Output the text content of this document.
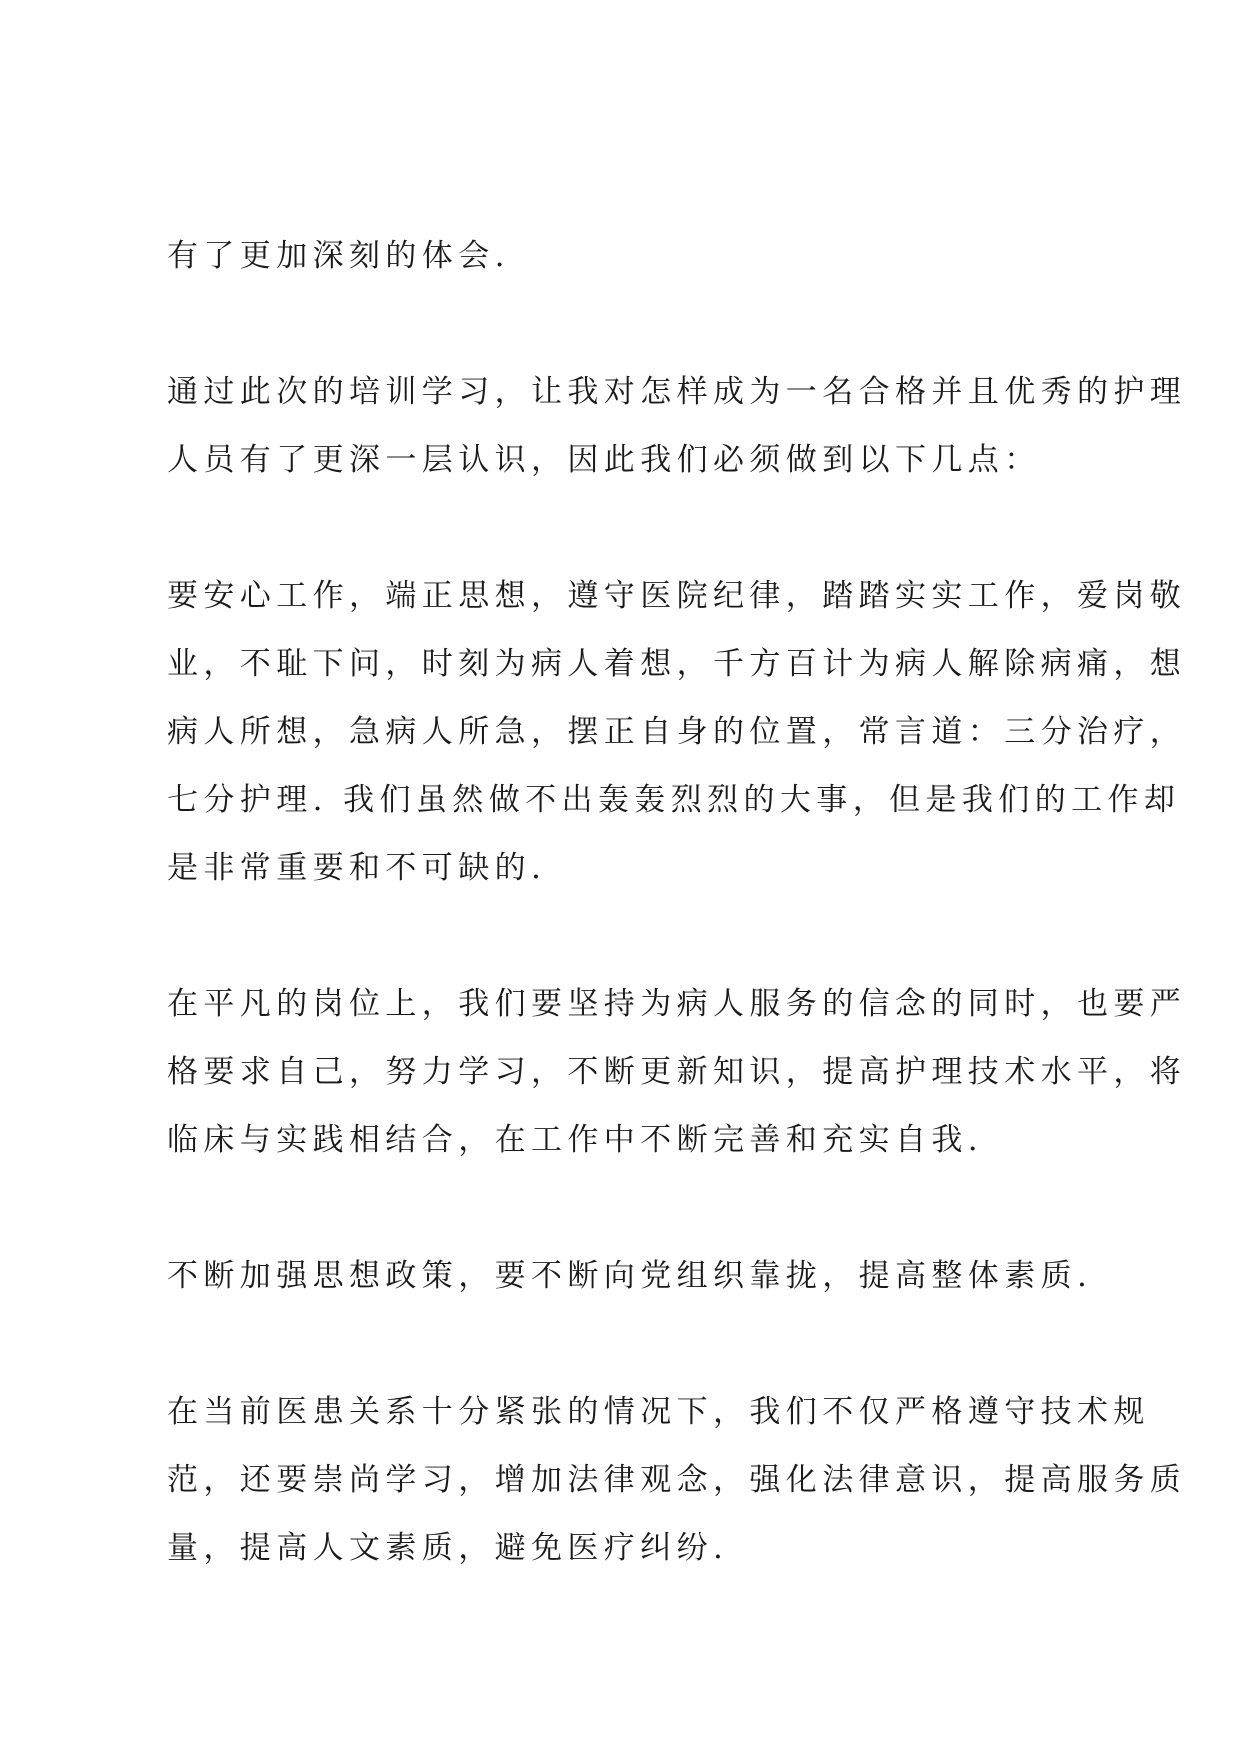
有了更加深刻的体会.
通过此次的培训学习，让我对怎样成为一名合格并且优秀的护理
人员有了更深一层认识，因此我们必须做到以下几点：
要安心工作，端正思想，遵守医院纪律，踏踏实实工作，爱岗敬
业，不耻下问，时刻为病人着想，千方百计为病人解除病痛，想
病人所想，急病人所急，摆正自身的位置，常言道：三分治疗，
七分护理. 我们虽然做不出轰轰烈烈的大事，但是我们的工作却
是非常重要和不可缺的.
在平凡的岗位上，我们要坚持为病人服务的信念的同时，也要严
格要求自己，努力学习，不断更新知识，提高护理技术水平，将
临床与实践相结合，在工作中不断完善和充实自我.
不断加强思想政策，要不断向党组织靠拢，提高整体素质.
在当前医患关系十分紧张的情况下，我们不仅严格遵守技术规
范，还要崇尚学习，增加法律观念，强化法律意识，提高服务质
量，提高人文素质，避免医疗纠纷.
